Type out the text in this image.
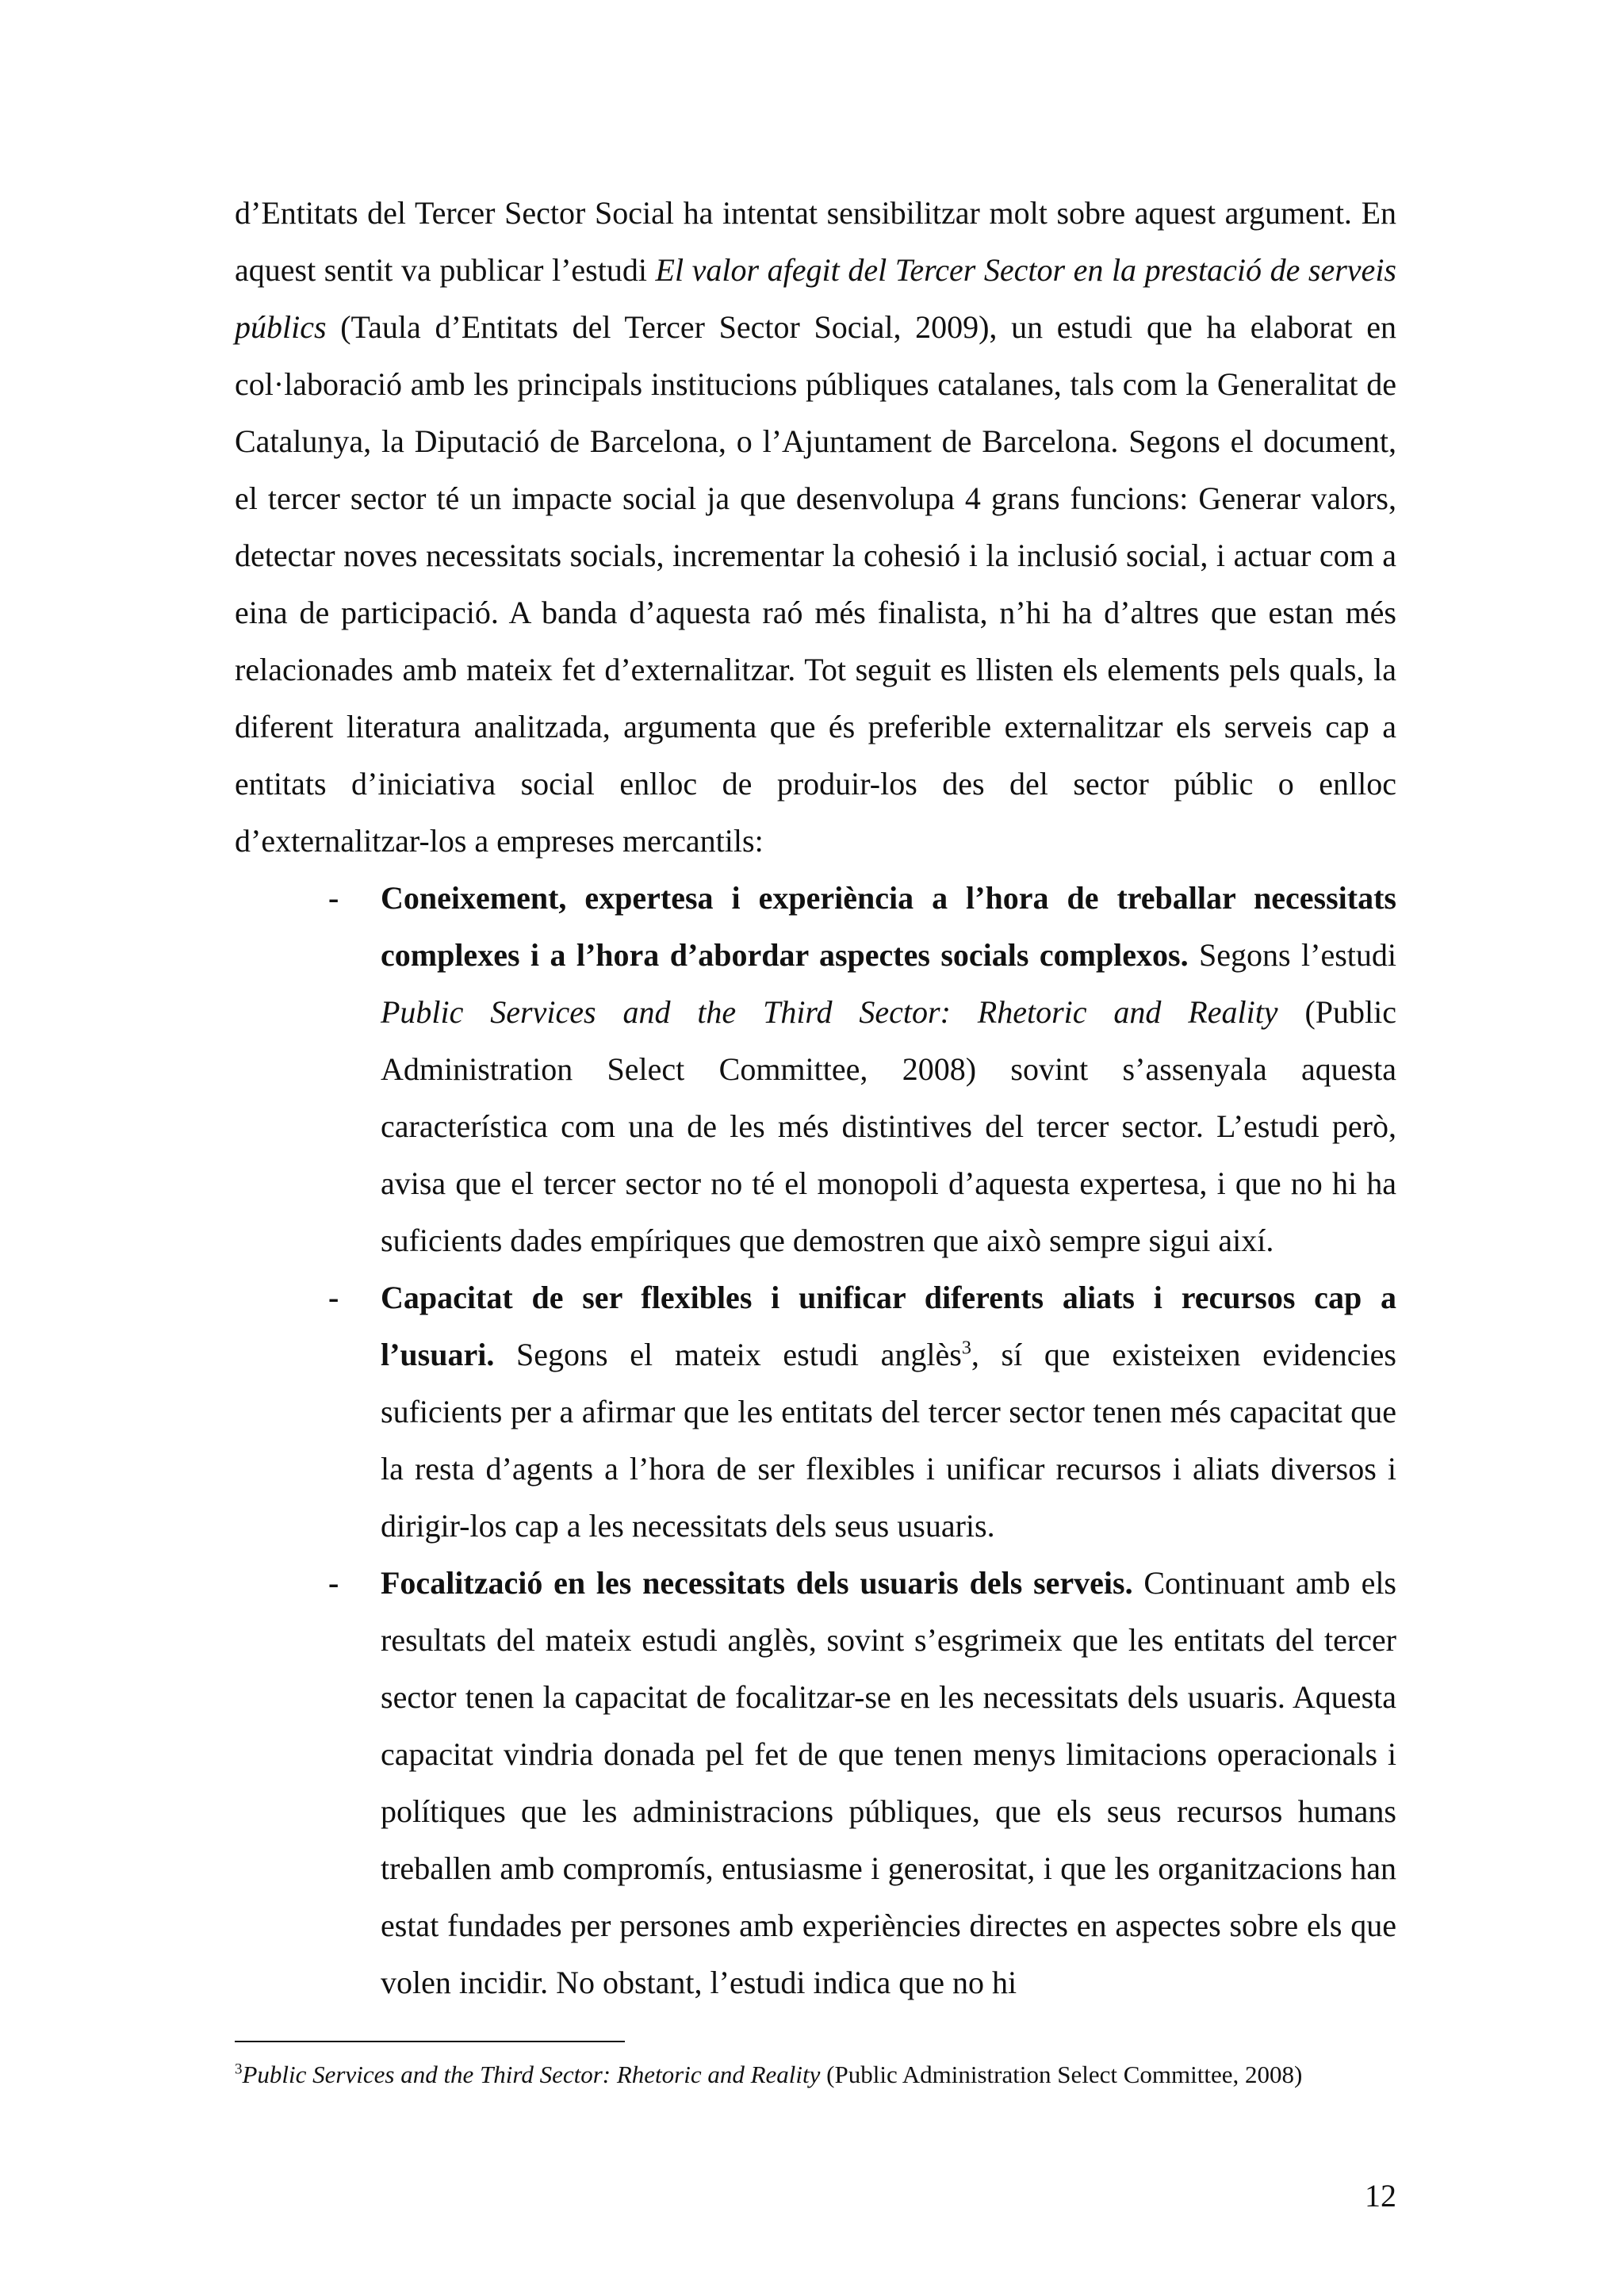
d’Entitats del Tercer Sector Social ha intentat sensibilitzar molt sobre aquest argument. En aquest sentit va publicar l’estudi El valor afegit del Tercer Sector en la prestació de serveis públics (Taula d’Entitats del Tercer Sector Social, 2009), un estudi que ha elaborat en col·laboració amb les principals institucions públiques catalanes, tals com la Generalitat de Catalunya, la Diputació de Barcelona, o l’Ajuntament de Barcelona. Segons el document, el tercer sector té un impacte social ja que desenvolupa 4 grans funcions: Generar valors, detectar noves necessitats socials, incrementar la cohesió i la inclusió social, i actuar com a eina de participació. A banda d’aquesta raó més finalista, n’hi ha d’altres que estan més relacionades amb mateix fet d’externalitzar. Tot seguit es llisten els elements pels quals, la diferent literatura analitzada, argumenta que és preferible externalitzar els serveis cap a entitats d’iniciativa social enlloc de produir-los des del sector públic o enlloc d’externalitzar-los a empreses mercantils:

- Coneixement, expertesa i experiència a l’hora de treballar necessitats complexes i a l’hora d’abordar aspectes socials complexos. Segons l’estudi Public Services and the Third Sector: Rhetoric and Reality (Public Administration Select Committee, 2008) sovint s’assenyala aquesta característica com una de les més distintives del tercer sector. L’estudi però, avisa que el tercer sector no té el monopoli d’aquesta expertesa, i que no hi ha suficients dades empíriques que demostren que això sempre sigui així.
- Capacitat de ser flexibles i unificar diferents aliats i recursos cap a l’usuari. Segons el mateix estudi anglès$^3$, sí que existeixen evidencies suficients per a afirmar que les entitats del tercer sector tenen més capacitat que la resta d’agents a l’hora de ser flexibles i unificar recursos i aliats diversos i dirigir-los cap a les necessitats dels seus usuaris.
- Focalització en les necessitats dels usuaris dels serveis. Continuant amb els resultats del mateix estudi anglès, sovint s’esgrimeix que les entitats del tercer sector tenen la capacitat de focalitzar-se en les necessitats dels usuaris. Aquesta capacitat vindria donada pel fet de que tenen menys limitacions operacionals i polítiques que les administracions públiques, que els seus recursos humans treballen amb compromís, entusiasme i generositat, i que les organitzacions han estat fundades per persones amb experiències directes en aspectes sobre els que volen incidir. No obstant, l’estudi indica que no hi

$^3$Public Services and the Third Sector: Rhetoric and Reality (Public Administration Select Committee, 2008)

12
